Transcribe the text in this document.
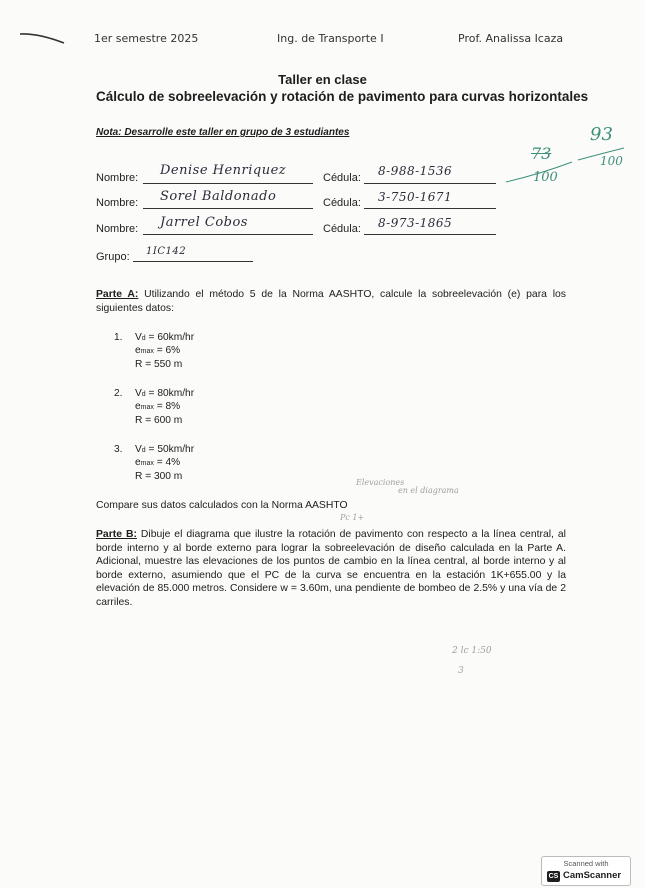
1er semestre 2025	Ing. de Transporte I	Prof. Analissa Icaza
Taller en clase
Cálculo de sobreelevación y rotación de pavimento para curvas horizontales
Nota: Desarrolle este taller en grupo de 3 estudiantes
73
93
100
100
Nombre: Denise Henriquez	Cédula: 8-988-1536
Nombre: Sorel Baldonado	Cédula: 3-750-1671
Nombre: Jarrel Cobos	Cédula: 8-973-1865
Grupo: 1IC142
Parte A: Utilizando el método 5 de la Norma AASHTO, calcule la sobreelevación (e) para los siguientes datos:
1. Vd = 60km/hr
emax = 6%
R = 550 m
2. Vd = 80km/hr
emax = 8%
R = 600 m
3. Vd = 50km/hr
emax = 4%
R = 300 m
Compare sus datos calculados con la Norma AASHTO
Elevaciones
en el diagrama
Pc 1+
Parte B: Dibuje el diagrama que ilustre la rotación de pavimento con respecto a la línea central, al borde interno y al borde externo para lograr la sobreelevación de diseño calculada en la Parte A. Adicional, muestre las elevaciones de los puntos de cambio en la línea central, al borde interno y al borde externo, asumiendo que el PC de la curva se encuentra en la estación 1K+655.00 y la elevación de 85.000 metros. Considere w = 3.60m, una pendiente de bombeo de 2.5% y una vía de 2 carriles.
2 lc 1:50
3
Scanned with
CS CamScanner
